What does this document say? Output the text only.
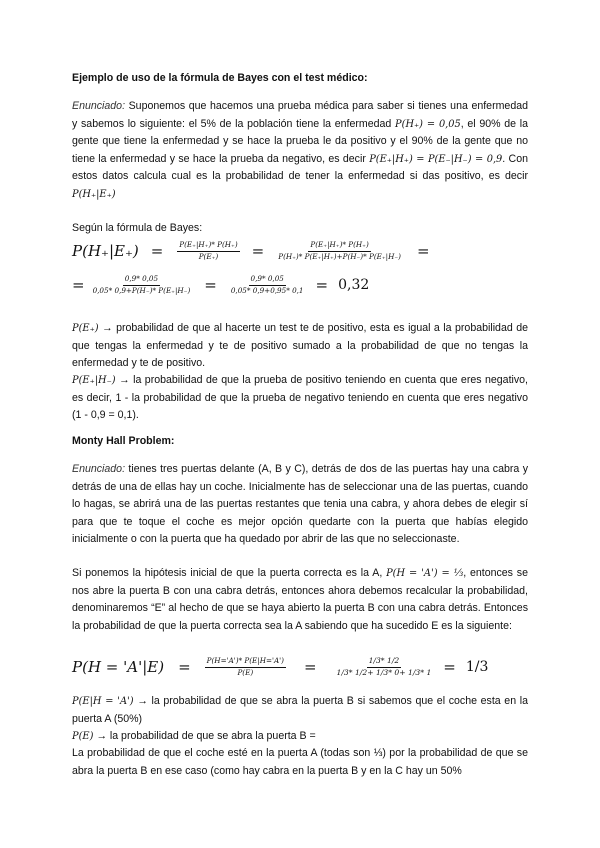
Ejemplo de uso de la fórmula de Bayes con el test médico:
Enunciado: Suponemos que hacemos una prueba médica para saber si tienes una enfermedad y sabemos lo siguiente: el 5% de la población tiene la enfermedad P(H₊) = 0,05, el 90% de la gente que tiene la enfermedad y se hace la prueba le da positivo y el 90% de la gente que no tiene la enfermedad y se hace la prueba da negativo, es decir P(E₊|H₊) = P(E₋|H₋) = 0,9. Con estos datos calcula cual es la probabilidad de tener la enfermedad si das positivo, es decir P(H₊|E₊)
Según la fórmula de Bayes:
$P(H_+|E_+) = \frac{P(E_+|H_+)* P(H_+)}{P(E_+)} = \frac{P(E_+|H_+)* P(H_+)}{P(H_+)* P(E_+|H_+)+P(H_-)* P(E_+|H_-)}$ =
= $\frac{0,9* 0,05}{0,05* 0,9+P(H_-)* P(E_+|H_-)} = \frac{0,9* 0,05}{0,05* 0,9+0,95* 0,1} = 0,32$
P(E₊) → probabilidad de que al hacerte un test te de positivo, esta es igual a la probabilidad de que tengas la enfermedad y te de positivo sumado a la probabilidad de que no tengas la enfermedad y te de positivo.
P(E₊|H₋) → la probabilidad de que la prueba de positivo teniendo en cuenta que eres negativo, es decir, 1 - la probabilidad de que la prueba de negativo teniendo en cuenta que eres negativo (1 - 0,9 = 0,1).
Monty Hall Problem:
Enunciado: tienes tres puertas delante (A, B y C), detrás de dos de las puertas hay una cabra y detrás de una de ellas hay un coche. Inicialmente has de seleccionar una de las puertas, cuando lo hagas, se abrirá una de las puertas restantes que tenia una cabra, y ahora debes de elegir sí para que te toque el coche es mejor opción quedarte con la puerta que habías elegido inicialmente o con la puerta que ha quedado por abrir de las que no seleccionaste.
Si ponemos la hipótesis inicial de que la puerta correcta es la A, P(H = 'A') = ⅓, entonces se nos abre la puerta B con una cabra detrás, entonces ahora debemos recalcular la probabilidad, denominaremos “E” al hecho de que se haya abierto la puerta B con una cabra detrás. Entonces la probabilidad de que la puerta correcta sea la A sabiendo que ha sucedido E es la siguiente:
P(H = '$A'|E) = \frac{P(H='A')* P(E|H='A')}{P(E)} = \frac{1/3* 1/2}{1/3* 1/2+ 1/3* 0+ 1/3* 1} = 1/3$
P(E|H = 'A') → la probabilidad de que se abra la puerta B si sabemos que el coche esta en la puerta A (50%)
P(E) → la probabilidad de que se abra la puerta B =
La probabilidad de que el coche esté en la puerta A (todas son ⅓) por la probabilidad de que se abra la puerta B en ese caso (como hay cabra en la puerta B y en la C hay un 50%
